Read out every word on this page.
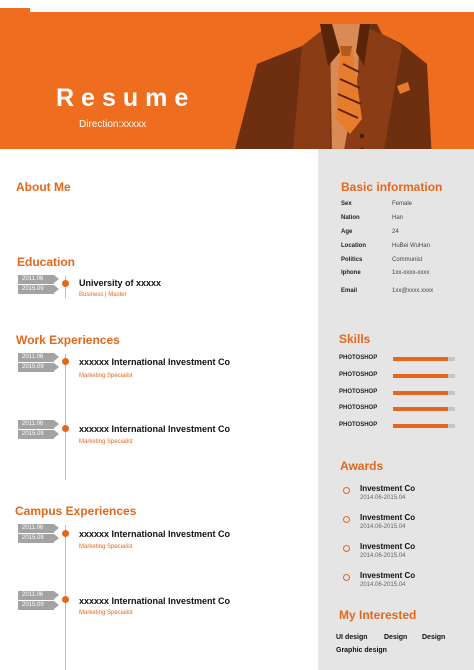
Resume
Direction:xxxxx
About Me
Education
2011.06
2015.09
University of xxxxx
Business | Master
Work Experiences
2011.06
2015.09	xxxxxx International Investment Co
Marketing Specialist
2011.06
2015.09	xxxxxx International Investment Co
Marketing Specialist
Campus Experiences
2011.06
2015.09	xxxxxx International Investment Co
Marketing Specialist
2011.06
2015.09	xxxxxx International Investment Co
Marketing Specialist
Basic information
Sex	Female
Nation	Han
Age	24
Location	HuBei WuHan
Politics	Communist
Iphone	1xx-xxxx-xxxx
Email	1xx@xxxx.xxxx
Skills
PHOTOSHOP
PHOTOSHOP
PHOTOSHOP
PHOTOSHOP
PHOTOSHOP
Awards
Investment Co
2014.06-2015.04
Investment Co
2014.06-2015.04
Investment Co
2014.06-2015.04
Investment Co
2014.06-2015.04
My Interested
UI design Design Design
Graphic design
